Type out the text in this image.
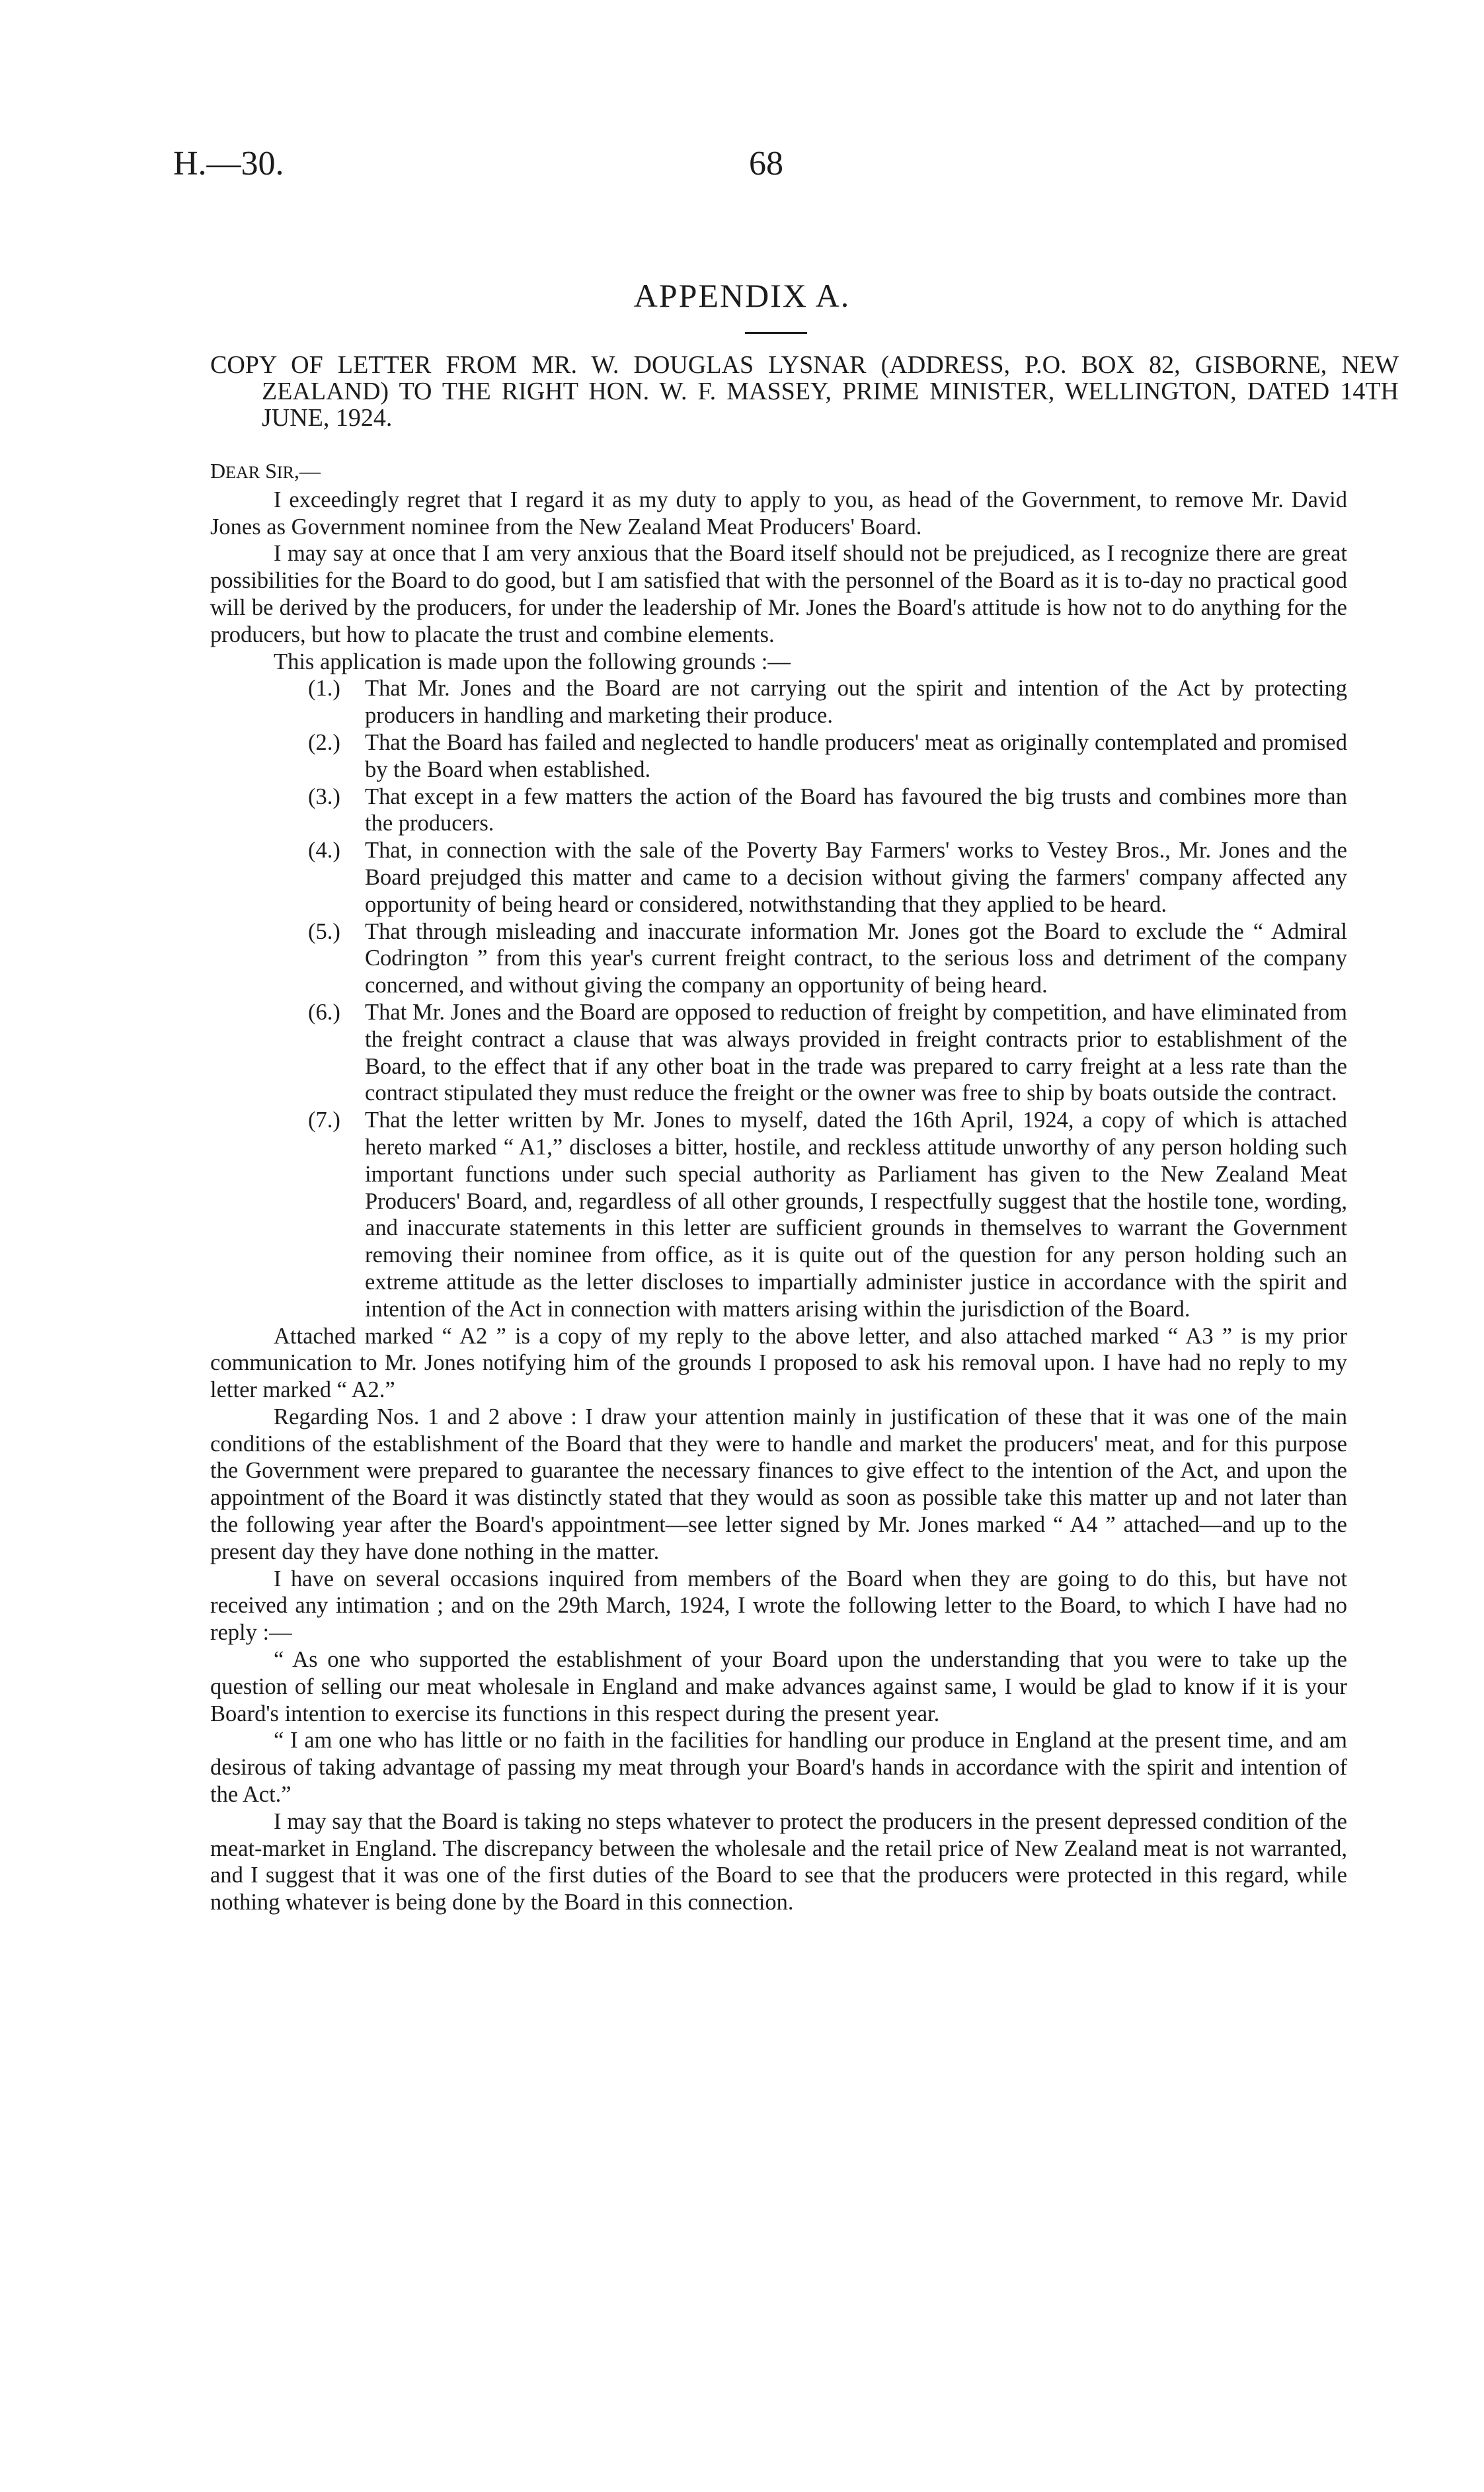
H.—30.	68
APPENDIX A.
COPY OF LETTER FROM MR. W. DOUGLAS LYSNAR (ADDRESS, P.O. BOX 82, GISBORNE, NEW ZEALAND) TO THE RIGHT HON. W. F. MASSEY, PRIME MINISTER, WELLINGTON, DATED 14TH JUNE, 1924.

DEAR SIR,—

I exceedingly regret that I regard it as my duty to apply to you, as head of the Government, to remove Mr. David Jones as Government nominee from the New Zealand Meat Producers' Board.

I may say at once that I am very anxious that the Board itself should not be prejudiced, as I recognize there are great possibilities for the Board to do good, but I am satisfied that with the personnel of the Board as it is to-day no practical good will be derived by the producers, for under the leadership of Mr. Jones the Board's attitude is how not to do anything for the producers, but how to placate the trust and combine elements.

This application is made upon the following grounds :—

(1.)	That Mr. Jones and the Board are not carrying out the spirit and intention of the Act by protecting producers in handling and marketing their produce.
(2.)	That the Board has failed and neglected to handle producers' meat as originally contemplated and promised by the Board when established.
(3.)	That except in a few matters the action of the Board has favoured the big trusts and combines more than the producers.
(4.)	That, in connection with the sale of the Poverty Bay Farmers' works to Vestey Bros., Mr. Jones and the Board prejudged this matter and came to a decision without giving the farmers' company affected any opportunity of being heard or considered, notwithstanding that they applied to be heard.
(5.)	That through misleading and inaccurate information Mr. Jones got the Board to exclude the “ Admiral Codrington ” from this year's current freight contract, to the serious loss and detriment of the company concerned, and without giving the company an opportunity of being heard.
(6.)	That Mr. Jones and the Board are opposed to reduction of freight by competition, and have eliminated from the freight contract a clause that was always provided in freight contracts prior to establishment of the Board, to the effect that if any other boat in the trade was prepared to carry freight at a less rate than the contract stipulated they must reduce the freight or the owner was free to ship by boats outside the contract.
(7.)	That the letter written by Mr. Jones to myself, dated the 16th April, 1924, a copy of which is attached hereto marked “ A1,” discloses a bitter, hostile, and reckless attitude unworthy of any person holding such important functions under such special authority as Parliament has given to the New Zealand Meat Producers' Board, and, regardless of all other grounds, I respectfully suggest that the hostile tone, wording, and inaccurate statements in this letter are sufficient grounds in themselves to warrant the Government removing their nominee from office, as it is quite out of the question for any person holding such an extreme attitude as the letter discloses to impartially administer justice in accordance with the spirit and intention of the Act in connection with matters arising within the jurisdiction of the Board.

Attached marked “ A2 ” is a copy of my reply to the above letter, and also attached marked “ A3 ” is my prior communication to Mr. Jones notifying him of the grounds I proposed to ask his removal upon. I have had no reply to my letter marked “ A2.”

Regarding Nos. 1 and 2 above : I draw your attention mainly in justification of these that it was one of the main conditions of the establishment of the Board that they were to handle and market the producers' meat, and for this purpose the Government were prepared to guarantee the necessary finances to give effect to the intention of the Act, and upon the appointment of the Board it was distinctly stated that they would as soon as possible take this matter up and not later than the following year after the Board's appointment—see letter signed by Mr. Jones marked “ A4 ” attached—and up to the present day they have done nothing in the matter.

I have on several occasions inquired from members of the Board when they are going to do this, but have not received any intimation ; and on the 29th March, 1924, I wrote the following letter to the Board, to which I have had no reply :—

“ As one who supported the establishment of your Board upon the understanding that you were to take up the question of selling our meat wholesale in England and make advances against same, I would be glad to know if it is your Board's intention to exercise its functions in this respect during the present year.

“ I am one who has little or no faith in the facilities for handling our produce in England at the present time, and am desirous of taking advantage of passing my meat through your Board's hands in accordance with the spirit and intention of the Act.”

I may say that the Board is taking no steps whatever to protect the producers in the present depressed condition of the meat-market in England. The discrepancy between the wholesale and the retail price of New Zealand meat is not warranted, and I suggest that it was one of the first duties of the Board to see that the producers were protected in this regard, while nothing whatever is being done by the Board in this connection.
